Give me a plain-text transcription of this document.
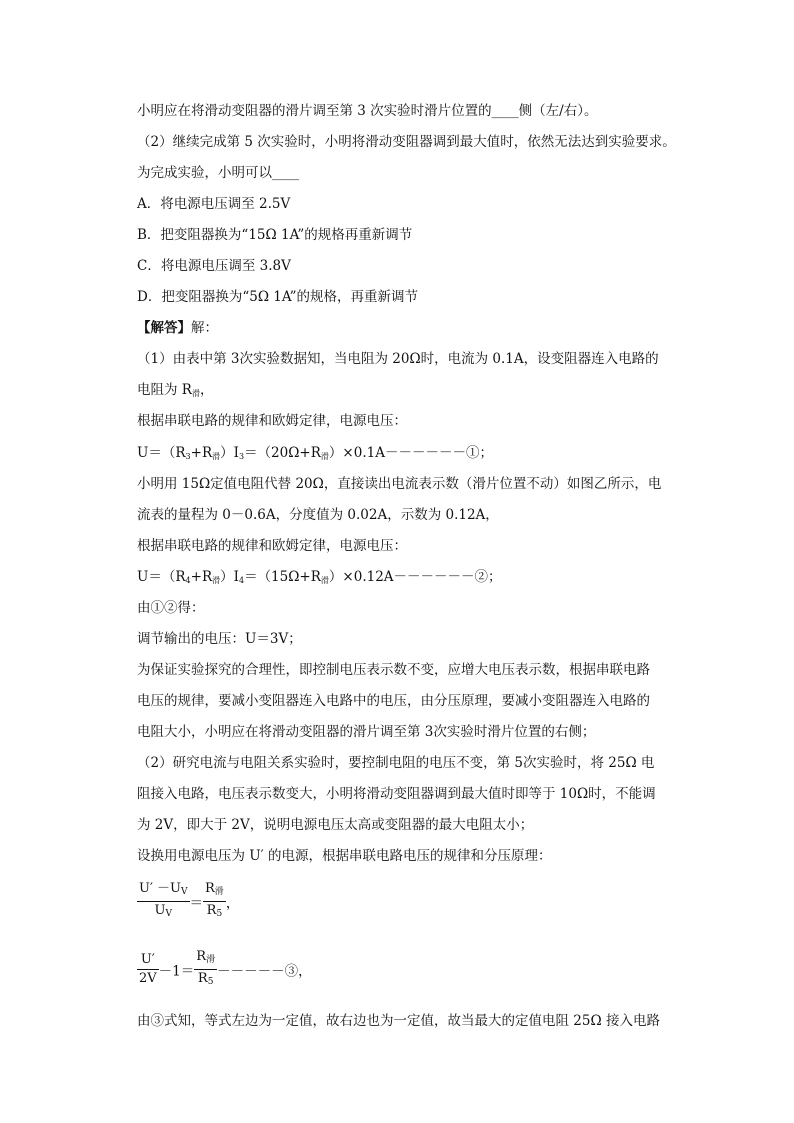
小明应在将滑动变阻器的滑片调至第 3 次实验时滑片位置的____侧（左/右）。
（2）继续完成第 5 次实验时，小明将滑动变阻器调到最大值时，依然无法达到实验要求。
为完成实验，小明可以____
A．将电源电压调至 2.5V
B．把变阻器换为“15Ω 1A”的规格再重新调节
C．将电源电压调至 3.8V
D．把变阻器换为“5Ω 1A”的规格，再重新调节
【解答】解：
（1）由表中第 3次实验数据知，当电阻为 20Ω时，电流为 0.1A，设变阻器连入电路的
电阻为 $R_滑$，
根据串联电路的规律和欧姆定律，电源电压：
$U=(R_3+R_滑)I_3=(20\Omega+R_滑)\times 0.1A------①$；
小明用 15Ω定值电阻代替 20Ω，直接读出电流表示数（滑片位置不动）如图乙所示，电
流表的量程为 0－0.6A，分度值为 0.02A，示数为 0.12A，
根据串联电路的规律和欧姆定律，电源电压：
$U=(R_4+R_滑)I_4=(15\Omega+R_滑)\times 0.12A------②$；
由①②得：
调节输出的电压：U＝3V；
为保证实验探究的合理性，即控制电压表示数不变，应增大电压表示数，根据串联电路
电压的规律，要减小变阻器连入电路中的电压，由分压原理，要减小变阻器连入电路的
电阻大小，小明应在将滑动变阻器的滑片调至第 3次实验时滑片位置的右侧；
（2）研究电流与电阻关系实验时，要控制电阻的电压不变，第 5次实验时，将 25Ω 电
阻接入电路，电压表示数变大，小明将滑动变阻器调到最大值时即等于 10Ω时，不能调
为 2V，即大于 2V，说明电源电压太高或变阻器的最大电阻太小；
设换用电源电压为 U′ 的电源，根据串联电路电压的规律和分压原理：
$\frac{U' -U_V}{U_V} = \frac{R_滑}{R_5}$ ，
$\frac{U'}{2V} -1= \frac{R_滑}{R_5}$ －－－－－③，
由③式知，等式左边为一定值，故右边也为一定值，故当最大的定值电阻 25Ω 接入电路
